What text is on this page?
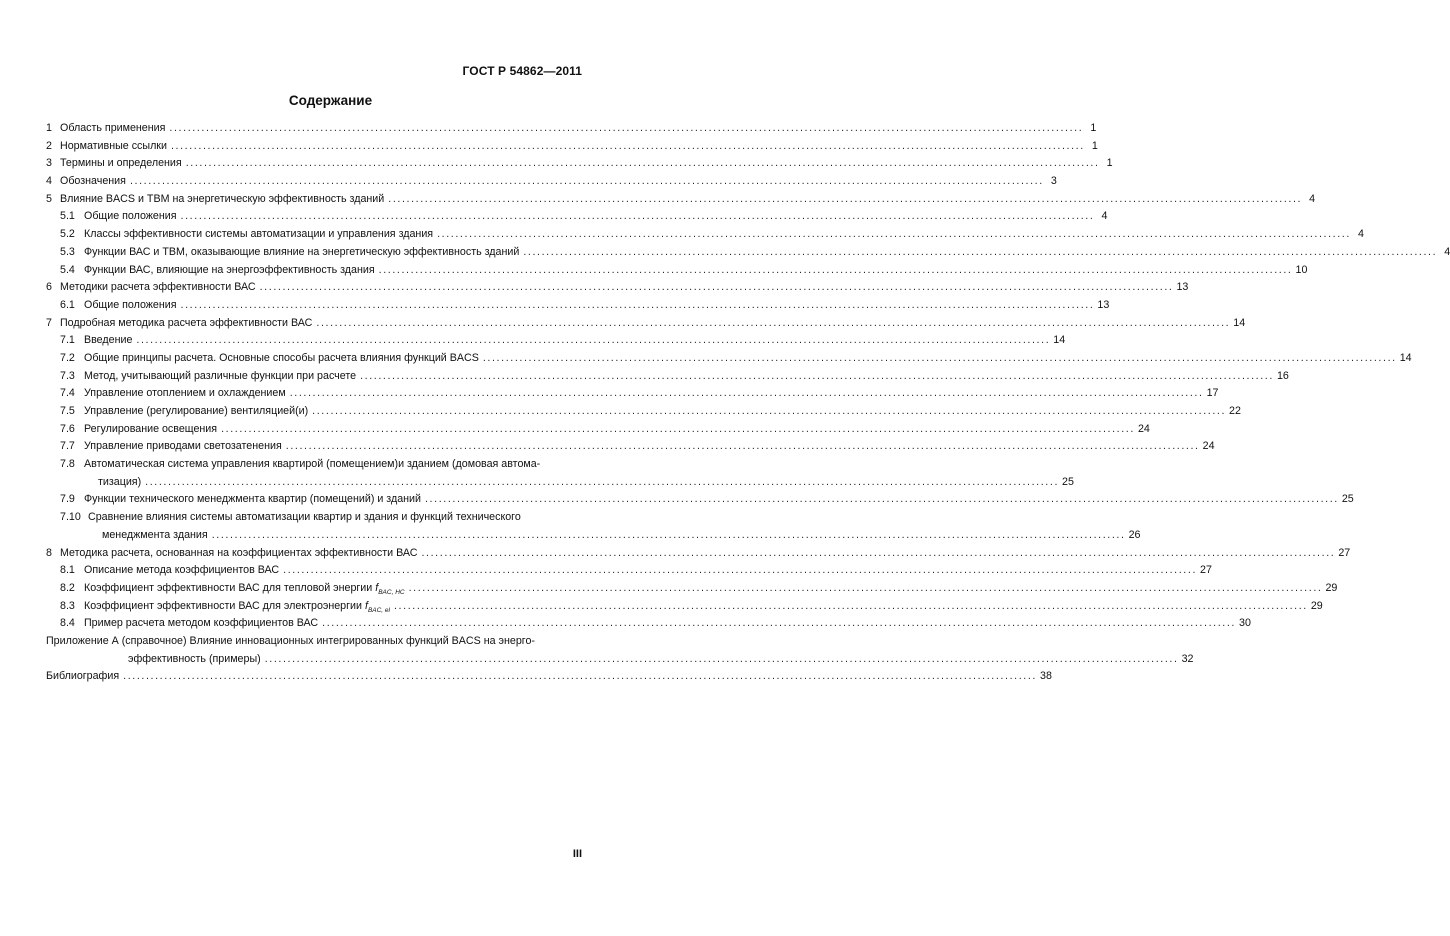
ГОСТ Р 54862—2011
Содержание
1 Область применения ........................................................................................................................................................................................................ 1
2 Нормативные ссылки ........................................................................................................................................................................................................ 1
3 Термины и определения ........................................................................................................................................................................................................ 1
4 Обозначения ........................................................................................................................................................................................................ 3
5 Влияние BACS и ТВМ на энергетическую эффективность зданий ........................................................................................................................................................................................................ 4
5.1 Общие положения ........................................................................................................................................................................................................ 4
5.2 Классы эффективности системы автоматизации и управления здания ........................................................................................................................................................................................................ 4
5.3 Функции ВАС и ТВМ, оказывающие влияние на энергетическую эффективность зданий ........................................................................................................................................................................................................ 4
5.4 Функции ВАС, влияющие на энергоэффективность здания ........................................................................................................................................................................................................ 10
6 Методики расчета эффективности ВАС ........................................................................................................................................................................................................ 13
6.1 Общие положения ........................................................................................................................................................................................................ 13
7 Подробная методика расчета эффективности ВАС ........................................................................................................................................................................................................ 14
7.1 Введение ........................................................................................................................................................................................................ 14
7.2 Общие принципы расчета. Основные способы расчета влияния функций BACS ........................................................................................................................................................................................................ 14
7.3 Метод, учитывающий различные функции при расчете ........................................................................................................................................................................................................ 16
7.4 Управление отоплением и охлаждением ........................................................................................................................................................................................................ 17
7.5 Управление (регулирование) вентиляцией(и) ........................................................................................................................................................................................................ 22
7.6 Регулирование освещения ........................................................................................................................................................................................................ 24
7.7 Управление приводами светозатенения ........................................................................................................................................................................................................ 24
7.8 Автоматическая система управления квартирой (помещением)и зданием (домовая автома-
тизация) ........................................................................................................................................................................................................ 25
7.9 Функции технического менеджмента квартир (помещений) и зданий ........................................................................................................................................................................................................ 25
7.10 Сравнение влияния системы автоматизации квартир и здания и функций технического
менеджмента здания ........................................................................................................................................................................................................ 26
8 Методика расчета, основанная на коэффициентах эффективности ВАС ........................................................................................................................................................................................................ 27
8.1 Описание метода коэффициентов ВАС ........................................................................................................................................................................................................ 27
8.2 Коэффициент эффективности ВАС для тепловой энергии $f_{BAC, HC}$ ........................................................................................................................................................................................................ 29
8.3 Коэффициент эффективности ВАС для электроэнергии $f_{BAC, el}$ ........................................................................................................................................................................................................ 29
8.4 Пример расчета методом коэффициентов ВАС ........................................................................................................................................................................................................ 30
Приложение А (справочное) Влияние инновационных интегрированных функций BACS на энерго-
эффективность (примеры) ........................................................................................................................................................................................................ 32
Библиография ........................................................................................................................................................................................................ 38
III
